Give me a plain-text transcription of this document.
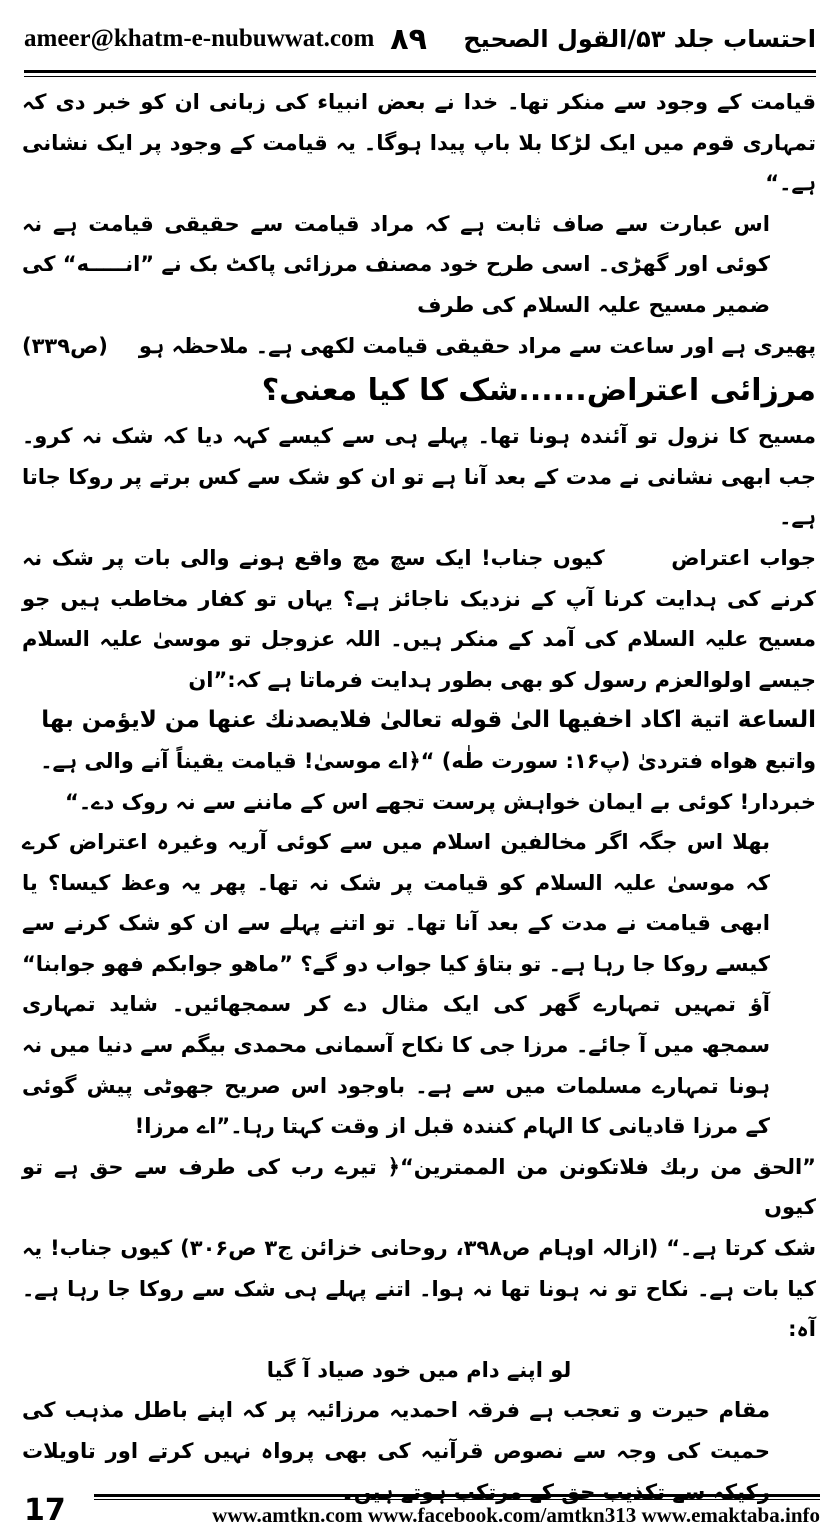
ameer@khatm-e-nubuwwat.com ۸۹ احتساب جلد ۵۳/القول الصحیح

قیامت کے وجود سے منکر تھا۔ خدا نے بعض انبیاء کی زبانی ان کو خبر دی کہ تمہاری قوم میں ایک لڑکا بلا باپ پیدا ہوگا۔ یہ قیامت کے وجود پر ایک نشانی ہے۔“

اس عبارت سے صاف ثابت ہے کہ مراد قیامت سے حقیقی قیامت ہے نہ کوئی اور گھڑی۔ اسی طرح خود مصنف مرزائی پاکٹ بک نے ”انـــــه“ کی ضمیر مسیح علیہ السلام کی طرف

پھیری ہے اور ساعت سے مراد حقیقی قیامت لکھی ہے۔ ملاحظہ ہو
(ص۳۳۹)

مرزائی اعتراض......شک کا کیا معنی؟

مسیح کا نزول تو آئندہ ہونا تھا۔ پہلے ہی سے کیسے کہہ دیا کہ شک نہ کرو۔ جب ابھی نشانی نے مدت کے بعد آنا ہے تو ان کو شک سے کس برتے پر روکا جاتا ہے۔

جواب اعتراض       کیوں جناب! ایک سچ مچ واقع ہونے والی بات پر شک نہ کرنے کی ہدایت کرنا آپ کے نزدیک ناجائز ہے؟ یہاں تو کفار مخاطب ہیں جو مسیح علیہ السلام کی آمد کے منکر ہیں۔ اللہ عزوجل تو موسیٰ علیہ السلام جیسے اولوالعزم رسول کو بھی بطور ہدایت فرماتا ہے کہ:”ان

الساعة اتیة اکاد اخفیها الیٰ قوله تعالیٰ فلایصدنك عنها من لایؤمن بها

واتبع هواه فتردیٰ (پ۱۶: سورت طٰه) “﴿اے موسیٰ! قیامت یقیناً آنے والی ہے۔

خبردار! کوئی بے ایمان خواہش پرست تجھے اس کے ماننے سے نہ روک دے۔“

بھلا اس جگہ اگر مخالفین اسلام میں سے کوئی آریہ وغیرہ اعتراض کرے کہ موسیٰ علیہ السلام کو قیامت پر شک نہ تھا۔ پھر یہ وعظ کیسا؟ یا ابھی قیامت نے مدت کے بعد آنا تھا۔ تو اتنے پہلے سے ان کو شک کرنے سے کیسے روکا جا رہا ہے۔ تو بتاؤ کیا جواب دو گے؟ ”ماهو جوابکم فهو جوابنا“ آؤ تمہیں تمہارے گھر کی ایک مثال دے کر سمجھائیں۔ شاید تمہاری سمجھ میں آ جائے۔ مرزا جی کا نکاح آسمانی محمدی بیگم سے دنیا میں نہ ہونا تمہارے مسلمات میں سے ہے۔ باوجود اس صریح جھوٹی پیش گوئی کے مرزا قادیانی کا الہام کنندہ قبل از وقت کہتا رہا۔”اے مرزا!

”الحق من ربك فلاتکونن من الممترین“﴿ تیرے رب کی طرف سے حق ہے تو کیوں

شک کرتا ہے۔“ (ازالہ اوہام ص۳۹۸، روحانی خزائن ج۳ ص۳۰۶) کیوں جناب! یہ کیا بات ہے۔ نکاح تو نہ ہونا تھا نہ ہوا۔ اتنے پہلے ہی شک سے روکا جا رہا ہے۔ آہ:

لو اپنے دام میں خود صیاد آ گیا

مقام حیرت و تعجب ہے فرقہ احمدیہ مرزائیہ پر کہ اپنے باطل مذہب کی حمیت کی وجہ سے نصوص قرآنیہ کی بھی پرواہ نہیں کرتے اور تاویلات رکیکہ سے تکذیب حق کے مرتکب ہوتے ہیں۔

17	www.amtkn.com www.facebook.com/amtkn313 www.emaktaba.info
